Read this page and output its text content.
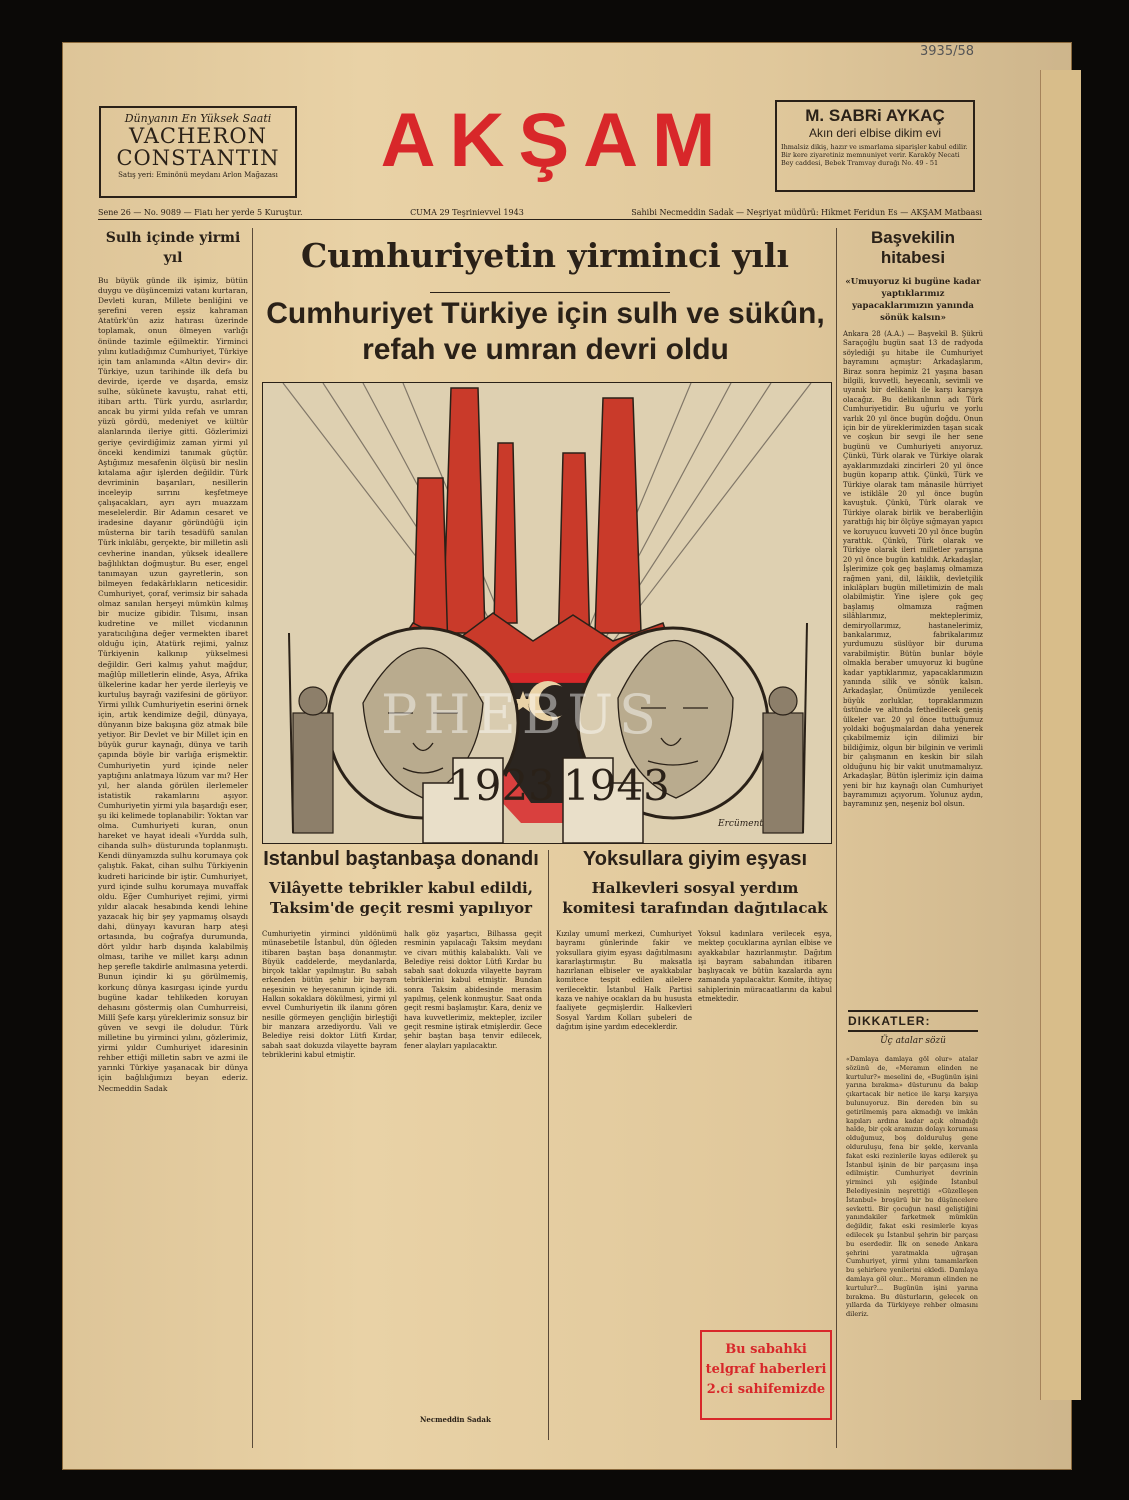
3935/58
Dünyanın En Yüksek Saati
VACHERON
CONSTANTIN
Satış yeri: Eminönü meydanı Arlon Mağazası	AKŞAM	M. SABRi AYKAÇ
Akın deri elbise dikim evi
Ihmalsiz dikiş, hazır ve ısmarlama siparişler kabul edilir. Bir kere ziyaretiniz memnuniyet verir. Karaköy Necati Bey caddesi, Bebek Tramvay durağı No. 49 - 51
Sene 26 — No. 9089 — Fiatı her yerde 5 Kuruştur.	CUMA 29 Teşrinievvel 1943	Sahibi Necmeddin Sadak — Neşriyat müdürü: Hikmet Feridun Es — AKŞAM Matbaası
Sulh içinde yirmi yıl
Bu büyük günde ilk işimiz, bütün duygu ve düşüncemizi vatanı kurtaran, Devleti kuran, Millete benliğini ve şerefini veren eşsiz kahraman Atatürk'ün aziz hatırası üzerinde toplamak, onun ölmeyen varlığı önünde tazimle eğilmektir. Yirminci yılını kutladığımız Cumhuriyet, Türkiye için tam anlamında «Altın devir» dir. Türkiye, uzun tarihinde ilk defa bu devirde, içerde ve dışarda, emsiz sulhe, sükûnete kavuştu, rahat etti, itibarı arttı. Türk yurdu, asırlardır, ancak bu yirmi yılda refah ve umran yüzü gördü, medeniyet ve kültür alanlarında ileriye gitti. Gözlerimizi geriye çevirdiğimiz zaman yirmi yıl önceki kendimizi tanımak güçtür. Aştığımız mesafenin ölçüsü bir neslin kıtalama ağır işlerden değildir. Türk devriminin başarıları, nesillerin inceleyip sırrını keşfetmeye çalışacakları, ayrı ayrı muazzam meselelerdir. Bir Adamın cesaret ve iradesine dayanır göründüğü için mûsterna bir tarih tesadüfü sanılan Türk inkılâbı, gerçekte, bir milletin asli cevherine inandan, yüksek ideallere bağlılıktan doğmuştur. Bu eser, engel tanımayan uzun gayretlerin, son bilmeyen fedakârlıkların neticesidir. Cumhuriyet, çoraf, verimsiz bir sahada olmaz sanılan herşeyi mümkün kılmış bir mucize gibidir. Tılsımı, insan kudretine ve millet vicdanının yaratıcılığına değer vermekten ibaret olduğu için, Atatürk rejimi, yalnız Türkiyenin kalkınıp yükselmesi değildir. Geri kalmış yahut mağdur, mağlûp milletlerin elinde, Asya, Afrika ülkelerine kadar her yerde ilerleyiş ve kurtuluş bayrağı vazifesini de görüyor. Yirmi yıllık Cumhuriyetin eserini örnek için, artık kendimize değil, dünyaya, dünyanın bize bakışına göz atmak bile yetiyor. Bir Devlet ve bir Millet için en büyük gurur kaynağı, dünya ve tarih çapında böyle bir varlığa erişmektir. Cumhuriyetin yurd içinde neler yaptığını anlatmaya lüzum var mı? Her yıl, her alanda görülen ilerlemeler istatistik rakamlarını aşıyor. Cumhuriyetin yirmi yıla başardığı eser, şu iki kelimede toplanabilir: Yoktan var olma. Cumhuriyeti kuran, onun hareket ve hayat ideali «Yurdda sulh, cihanda sulh» düsturunda toplanmıştı. Kendi dünyamızda sulhu korumaya çok çalıştık. Fakat, cihan sulhu Türkiyenin kudreti haricinde bir iştir. Cumhuriyet, yurd içinde sulhu korumaya muvaffak oldu. Eğer Cumhuriyet rejimi, yirmi yıldır alacak hesabında kendi lehine yazacak hiç bir şey yapmamış olsaydı dahi, dünyayı kavuran harp ateşi ortasında, bu coğrafya durumunda, dört yıldır harb dışında kalabilmiş olması, tarihe ve millet karşı adının hep şerefle takdirle anılmasına yeterdi. Bunun içindir ki şu görülmemiş, korkunç dünya kasırgası içinde yurdu bugüne kadar tehlikeden koruyan dehasını göstermiş olan Cumhurreisi, Millî Şefe karşı yüreklerimiz sonsuz bir güven ve sevgi ile doludur. Türk milletine bu yirminci yılını, gözlerimiz, yirmi yıldır Cumhuriyet idaresinin rehber ettiği milletin sabrı ve azmi ile yarınki Türkiye yaşanacak bir dünya için bağlılığımızı beyan ederiz. Necmeddin Sadak
Cumhuriyetin yirminci yılı
Cumhuriyet Türkiye için sulh ve sükûn, refah ve umran devri oldu
1923 1943
Ercüment
PHEBUS
Istanbul baştanbaşa donandı
Vilâyette tebrikler kabul edildi, Taksim'de geçit resmi yapılıyor
Yoksullara giyim eşyası
Halkevleri sosyal yerdım komitesi tarafından dağıtılacak
Cumhuriyetin yirminci yıldönümü münasebetile İstanbul, dün öğleden itibaren baştan başa donanmıştır. Büyük caddelerde, meydanlarda, birçok taklar yapılmıştır. Bu sabah erkenden bütün şehir bir bayram neşesinin ve heyecanının içinde idi. Halkın sokaklara dökülmesi, yirmi yıl evvel Cumhuriyetin ilk ilanını gören nesille görmeyen gençliğin birleştiği bir manzara arzediyordu. Vali ve Belediye reisi doktor Lütfi Kırdar, sabah saat dokuzda vilayette bayram tebriklerini kabul etmiştir.
halk göz yaşartıcı, Bilhassa geçit resminin yapılacağı Taksim meydanı ve civarı müthiş kalabalıktı. Vali ve Belediye reisi doktor Lütfi Kırdar bu sabah saat dokuzda vilayette bayram tebriklerini kabul etmiştir. Bundan sonra Taksim abidesinde merasim yapılmış, çelenk konmuştur. Saat onda geçit resmi başlamıştır. Kara, deniz ve hava kuvvetlerimiz, mektepler, izciler geçit resmine iştirak etmişlerdir. Gece şehir baştan başa tenvir edilecek, fener alayları yapılacaktır.
Necmeddin Sadak
Kızılay umumî merkezi, Cumhuriyet bayramı günlerinde fakir ve yoksullara giyim eşyası dağıtılmasını kararlaştırmıştır. Bu maksatla hazırlanan elbiseler ve ayakkabılar komitece tespit edilen ailelere verilecektir. İstanbul Halk Partisi kaza ve nahiye ocakları da bu hususta faaliyete geçmişlerdir. Halkevleri Sosyal Yardım Kolları şubeleri de dağıtım işine yardım edeceklerdir.
Yoksul kadınlara verilecek eşya, mektep çocuklarına ayrılan elbise ve ayakkabılar hazırlanmıştır. Dağıtım işi bayram sabahından itibaren başlıyacak ve bütün kazalarda aynı zamanda yapılacaktır. Komite, ihtiyaç sahiplerinin müracaatlarını da kabul etmektedir.
Bu sabahki telgraf haberleri 2.ci sahifemizde
Başvekilin hitabesi
«Umuyoruz ki bugüne kadar yaptıklarımız yapacaklarımızın yanında sönük kalsın»
Ankara 28 (A.A.) — Başvekil B. Şükrü Saraçoğlu bugün saat 13 de radyoda söylediği şu hitabe ile Cumhuriyet bayramını açmıştır: Arkadaşlarım, Biraz sonra hepimiz 21 yaşına basan bilgili, kuvvetli, heyecanlı, sevimli ve uyanık bir delikanlı ile karşı karşıya olacağız. Bu delikanlının adı Türk Cumhuriyetidir. Bu uğurlu ve yorlu varlık 20 yıl önce bugün doğdu. Onun için bir de yüreklerimizden taşan sıcak ve coşkun bir sevgi ile her sene bugünü ve Cumhuriyeti anıyoruz. Çünkü, Türk olarak ve Türkiye olarak ayaklarımızdaki zincirleri 20 yıl önce bugün koparıp attık. Çünkü, Türk ve Türkiye olarak tam mânasile hürriyet ve istiklâle 20 yıl önce bugün kavuştuk. Çünkü, Türk olarak ve Türkiye olarak birlik ve beraberliğin yarattığı hiç bir ölçüye sığmayan yapıcı ve koruyucu kuvveti 20 yıl önce bugün yarattık. Çünkü, Türk olarak ve Türkiye olarak ileri milletler yarışına 20 yıl önce bugün katıldık. Arkadaşlar, İşlerimize çok geç başlamış olmamıza rağmen yani, dil, lâiklik, devletçilik inkılâpları bugün milletimizin de malı olabilmiştir. Yine işlere çok geç başlamış olmamıza rağmen silâhlarımız, mekteplerimiz, demiryollarımız, hastanelerimiz, bankalarımız, fabrikalarımız yurdumuzu süslüyor bir duruma varabilmiştir. Bütün bunlar böyle olmakla beraber umuyoruz ki bugüne kadar yaptıklarımız, yapacaklarımızın yanında silik ve sönük kalsın. Arkadaşlar, Önümüzde yenilecek büyük zorluklar, topraklarımızın üstünde ve altında fethedilecek geniş ülkeler var. 20 yıl önce tuttuğumuz yoldaki boğuşmalardan daha yenerek çıkabilmemiz için dilimizi bir bildiğimiz, olgun bir bilginin ve verimli bir çalışmanın en keskin bir silah olduğunu hiç bir vakit unutmamalıyız. Arkadaşlar, Bütün işlerimiz için daima yeni bir hız kaynağı olan Cumhuriyet bayramımızı açıyorum. Yolunuz aydın, bayramınız şen, neşeniz bol olsun.
DIKKATLER:
Üç atalar sözü
«Damlaya damlaya göl olur» atalar sözünü de, «Meramın elinden ne kurtulur?» meselini de, «Bugünün işini yarına bırakma» düsturunu da bakıp çıkartacak bir netice ile karşı karşıya bulunuyoruz. Bin dereden bin su getirilmemiş para akmadığı ve imkân kapıları ardına kadar açık olmadığı halde, bir çok aramızın dolayı koruması olduğumuz, boş dolduruluş gene olduruluşu, fena bir şekle, kervanla fakat eski rezinlerile kıyas edilerek şu İstanbul işinin de bir parçasını inşa edilmiştir. Cumhuriyet devrinin yirminci yılı eşiğinde İstanbul Belediyesinin neşrettiği «Güzelleşen İstanbul» broşürü bir bu düşüncelere sevketti. Bir çocuğun nasıl geliştiğini yanındakiler farketmek mümkün değildir, fakat eski resimlerle kıyas edilecek şu İstanbul şehrin bir parçası bu eserdedir. İlk on senede Ankara şehrini yaratmakla uğraşan Cumhuriyet, yirmi yılını tamamlarken bu şehirlere yenilerini ekledi. Damlaya damlaya göl olur... Meramın elinden ne kurtulur?... Bugünün işini yarına bırakma. Bu düsturların, gelecek on yıllarda da Türkiyeye rehber olmasını dileriz.
